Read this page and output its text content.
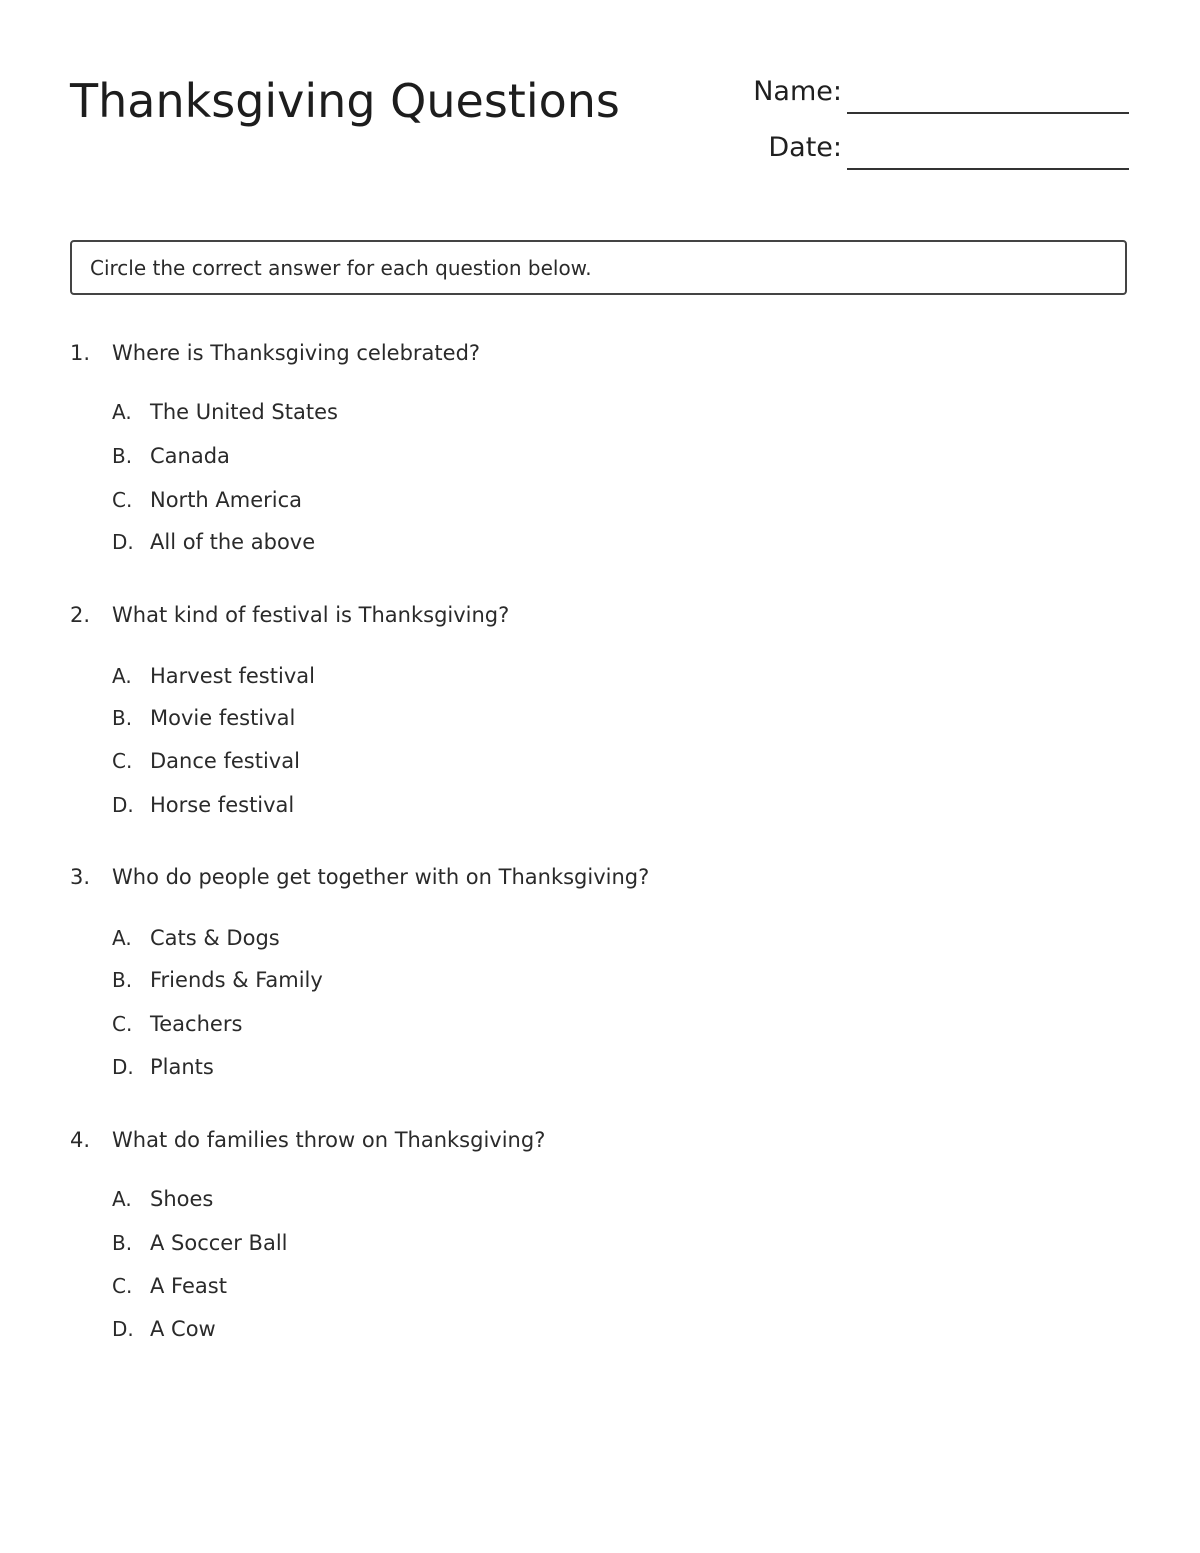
Thanksgiving Questions	Name:
Date:
Circle the correct answer for each question below.
1. Where is Thanksgiving celebrated?
A. The United States
B. Canada
C. North America
D. All of the above
2. What kind of festival is Thanksgiving?
A. Harvest festival
B. Movie festival
C. Dance festival
D. Horse festival
3. Who do people get together with on Thanksgiving?
A. Cats & Dogs
B. Friends & Family
C. Teachers
D. Plants
4. What do families throw on Thanksgiving?
A. Shoes
B. A Soccer Ball
C. A Feast
D. A Cow
